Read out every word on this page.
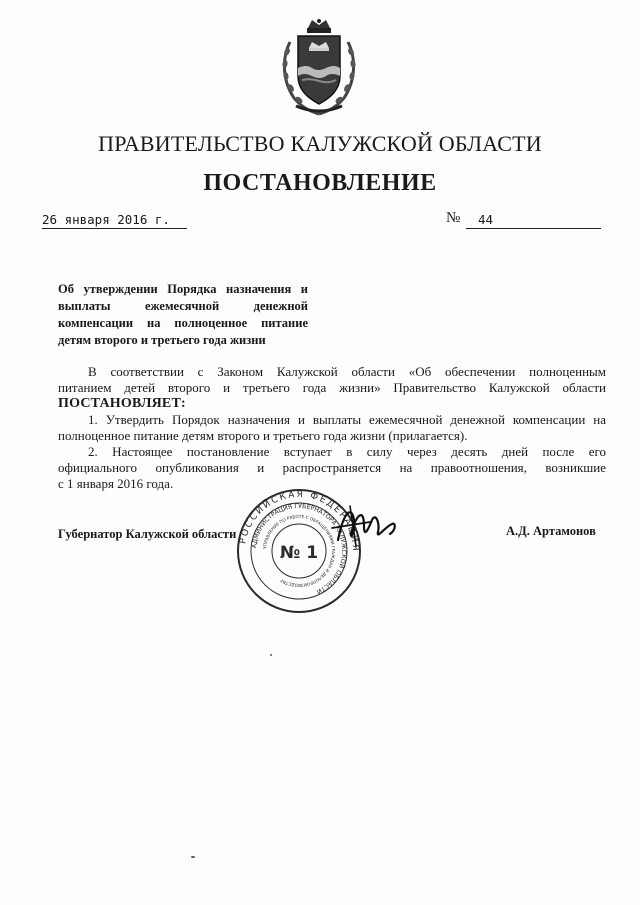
ПРАВИТЕЛЬСТВО КАЛУЖСКОЙ ОБЛАСТИ
ПОСТАНОВЛЕНИЕ
26 января 2016 г.	№	44
Об утверждении Порядка назначения и
выплаты ежемесячной денежной
компенсации на полноценное питание
детям второго и третьего года жизни
В соответствии с Законом Калужской области «Об обеспечении полноценным
питанием детей второго и третьего года жизни» Правительство Калужской области
ПОСТАНОВЛЯЕТ:
1. Утвердить Порядок назначения и выплаты ежемесячной денежной компенсации на
полноценное питание детям второго и третьего года жизни (прилагается).
2. Настоящее постановление вступает в силу через десять дней после его
официального опубликования и распространяется на правоотношения, возникшие
с 1 января 2016 года.
Губернатор Калужской области	А.Д. Артамонов
РОССИЙСКАЯ ФЕДЕРАЦИЯ
АДМИНИСТРАЦИЯ ГУБЕРНАТОРА КАЛУЖСКОЙ ОБЛАСТИ
УПРАВЛЕНИЕ ПО РАБОТЕ С ОБРАЩЕНИЯМИ ГРАЖДАН И ДЕЛОПРОИЗВОДСТВУ
№ 1
